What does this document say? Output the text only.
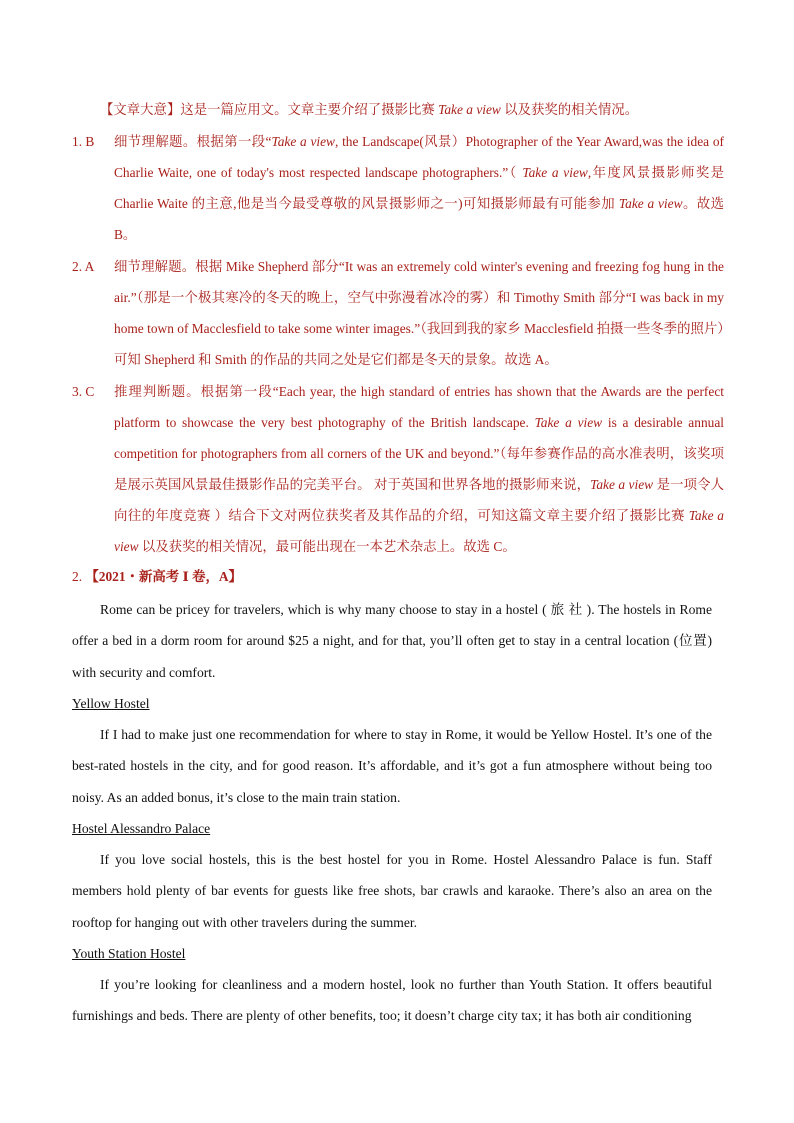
【文章大意】这是一篇应用文。文章主要介绍了摄影比赛 Take a view 以及获奖的相关情况。
1. B 细节理解题。根据第一段“Take a view, the Landscape(风景）Photographer of the Year Award,was the idea of Charlie Waite, one of today's most respected landscape photographers.”（ Take a view,年度风景摄影师奖是 Charlie Waite 的主意,他是当今最受尊敬的风景摄影师之一)可知摄影师最有可能参加 Take a view。故选 B。
2. A 细节理解题。根据 Mike Shepherd 部分“It was an extremely cold winter's evening and freezing fog hung in the air.”（那是一个极其寒冷的冬天的晚上，空气中弥漫着冰冷的雾）和 Timothy Smith 部分“I was back in my home town of Macclesfield to take some winter images.”（我回到我的家乡 Macclesfield 拍摄一些冬季的照片）可知 Shepherd 和 Smith 的作品的共同之处是它们都是冬天的景象。故选 A。
3. C 推理判断题。根据第一段“Each year, the high standard of entries has shown that the Awards are the perfect platform to showcase the very best photography of the British landscape. Take a view is a desirable annual competition for photographers from all corners of the UK and beyond.”（每年参赛作品的高水准表明，该奖项是展示英国风景最佳摄影作品的完美平台。 对于英国和世界各地的摄影师来说，Take a view 是一项令人向往的年度竞赛 ）结合下文对两位获奖者及其作品的介绍，可知这篇文章主要介绍了摄影比赛 Take a view 以及获奖的相关情况，最可能出现在一本艺术杂志上。故选 C。
2. 【2021・新高考 Ⅰ 卷，A】
Rome can be pricey for travelers, which is why many choose to stay in a hostel ( 旅 社 ). The hostels in Rome offer a bed in a dorm room for around $25 a night, and for that, you’ll often get to stay in a central location (位置) with security and comfort.
Yellow Hostel
If I had to make just one recommendation for where to stay in Rome, it would be Yellow Hostel. It’s one of the best-rated hostels in the city, and for good reason. It’s affordable, and it’s got a fun atmosphere without being too noisy. As an added bonus, it’s close to the main train station.
Hostel Alessandro Palace
If you love social hostels, this is the best hostel for you in Rome. Hostel Alessandro Palace is fun. Staff members hold plenty of bar events for guests like free shots, bar crawls and karaoke. There’s also an area on the rooftop for hanging out with other travelers during the summer.
Youth Station Hostel
If you’re looking for cleanliness and a modern hostel, look no further than Youth Station. It offers beautiful furnishings and beds. There are plenty of other benefits, too; it doesn’t charge city tax; it has both air conditioning
